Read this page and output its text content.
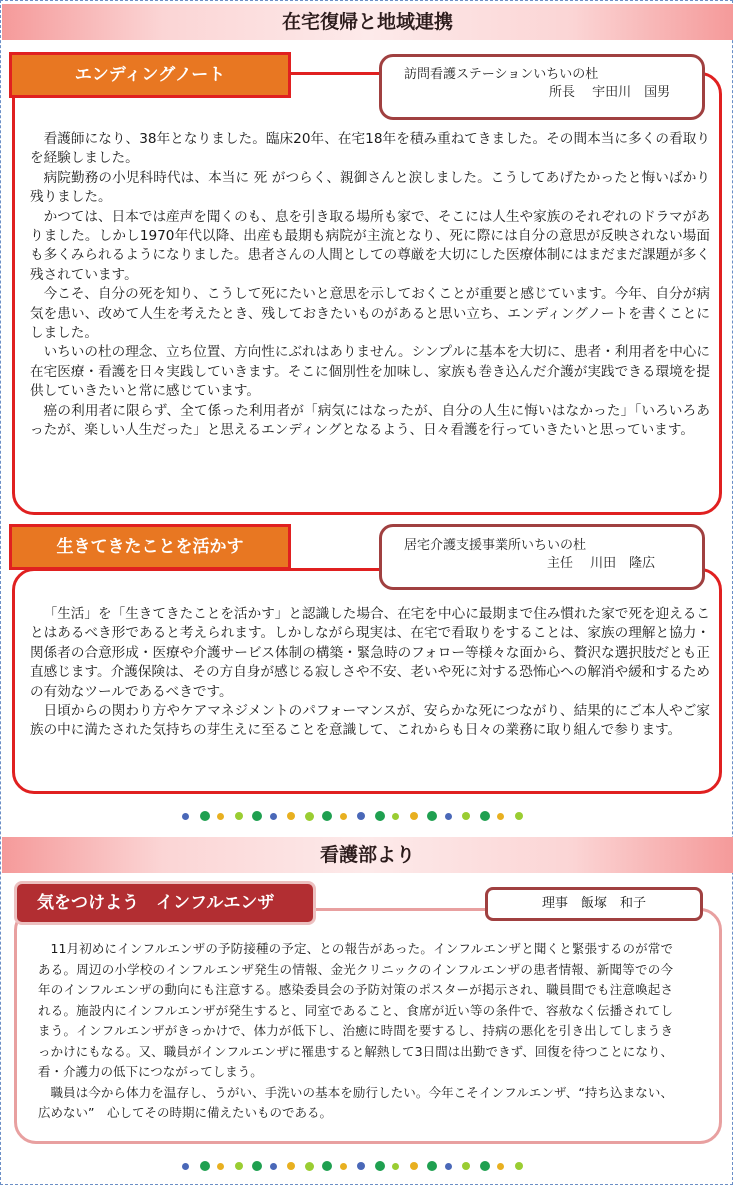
在宅復帰と地域連携
エンディングノート	訪問看護ステーションいちいの杜
所長　 宇田川　国男

看護師になり、38年となりました。臨床20年、在宅18年を積み重ねてきました。その間本当に多くの看取りを経験しました。

病院勤務の小児科時代は、本当に 死 がつらく、親御さんと涙しました。こうしてあげたかったと悔いばかり残りました。

かつては、日本では産声を聞くのも、息を引き取る場所も家で、そこには人生や家族のそれぞれのドラマがありました。しかし1970年代以降、出産も最期も病院が主流となり、死に際には自分の意思が反映されない場面も多くみられるようになりました。患者さんの人間としての尊厳を大切にした医療体制にはまだまだ課題が多く残されています。

今こそ、自分の死を知り、こうして死にたいと意思を示しておくことが重要と感じています。今年、自分が病気を患い、改めて人生を考えたとき、残しておきたいものがあると思い立ち、エンディングノートを書くことにしました。

いちいの杜の理念、立ち位置、方向性にぶれはありません。シンプルに基本を大切に、患者・利用者を中心に在宅医療・看護を日々実践していきます。そこに個別性を加味し、家族も巻き込んだ介護が実践できる環境を提供していきたいと常に感じています。

癌の利用者に限らず、全て係った利用者が「病気にはなったが、自分の人生に悔いはなかった」「いろいろあったが、楽しい人生だった」と思えるエンディングとなるよう、日々看護を行っていきたいと思っています。

生きてきたことを活かす	居宅介護支援事業所いちいの杜
主任　 川田　隆広

「生活」を「生きてきたことを活かす」と認識した場合、在宅を中心に最期まで住み慣れた家で死を迎えることはあるべき形であると考えられます。しかしながら現実は、在宅で看取りをすることは、家族の理解と協力・関係者の合意形成・医療や介護サービス体制の構築・緊急時のフォロー等様々な面から、贅沢な選択肢だとも正直感じます。介護保険は、その方自身が感じる寂しさや不安、老いや死に対する恐怖心への解消や緩和するための有効なツールであるべきです。

日頃からの関わり方やケアマネジメントのパフォーマンスが、安らかな死につながり、結果的にご本人やご家族の中に満たされた気持ちの芽生えに至ることを意識して、これからも日々の業務に取り組んで参ります。

看護部より
気をつけよう　インフルエンザ	理事　飯塚　和子

11月初めにインフルエンザの予防接種の予定、との報告があった。インフルエンザと聞くと緊張するのが常である。周辺の小学校のインフルエンザ発生の情報、金光クリニックのインフルエンザの患者情報、新聞等での今年のインフルエンザの動向にも注意する。感染委員会の予防対策のポスターが掲示され、職員間でも注意喚起される。施設内にインフルエンザが発生すると、同室であること、食席が近い等の条件で、容赦なく伝播されてしまう。インフルエンザがきっかけで、体力が低下し、治癒に時間を要するし、持病の悪化を引き出してしまうきっかけにもなる。又、職員がインフルエンザに罹患すると解熱して3日間は出勤できず、回復を待つことになり、看・介護力の低下につながってしまう。

職員は今から体力を温存し、うがい、手洗いの基本を励行したい。今年こそインフルエンザ、“持ち込まない、広めない”　心してその時期に備えたいものである。
